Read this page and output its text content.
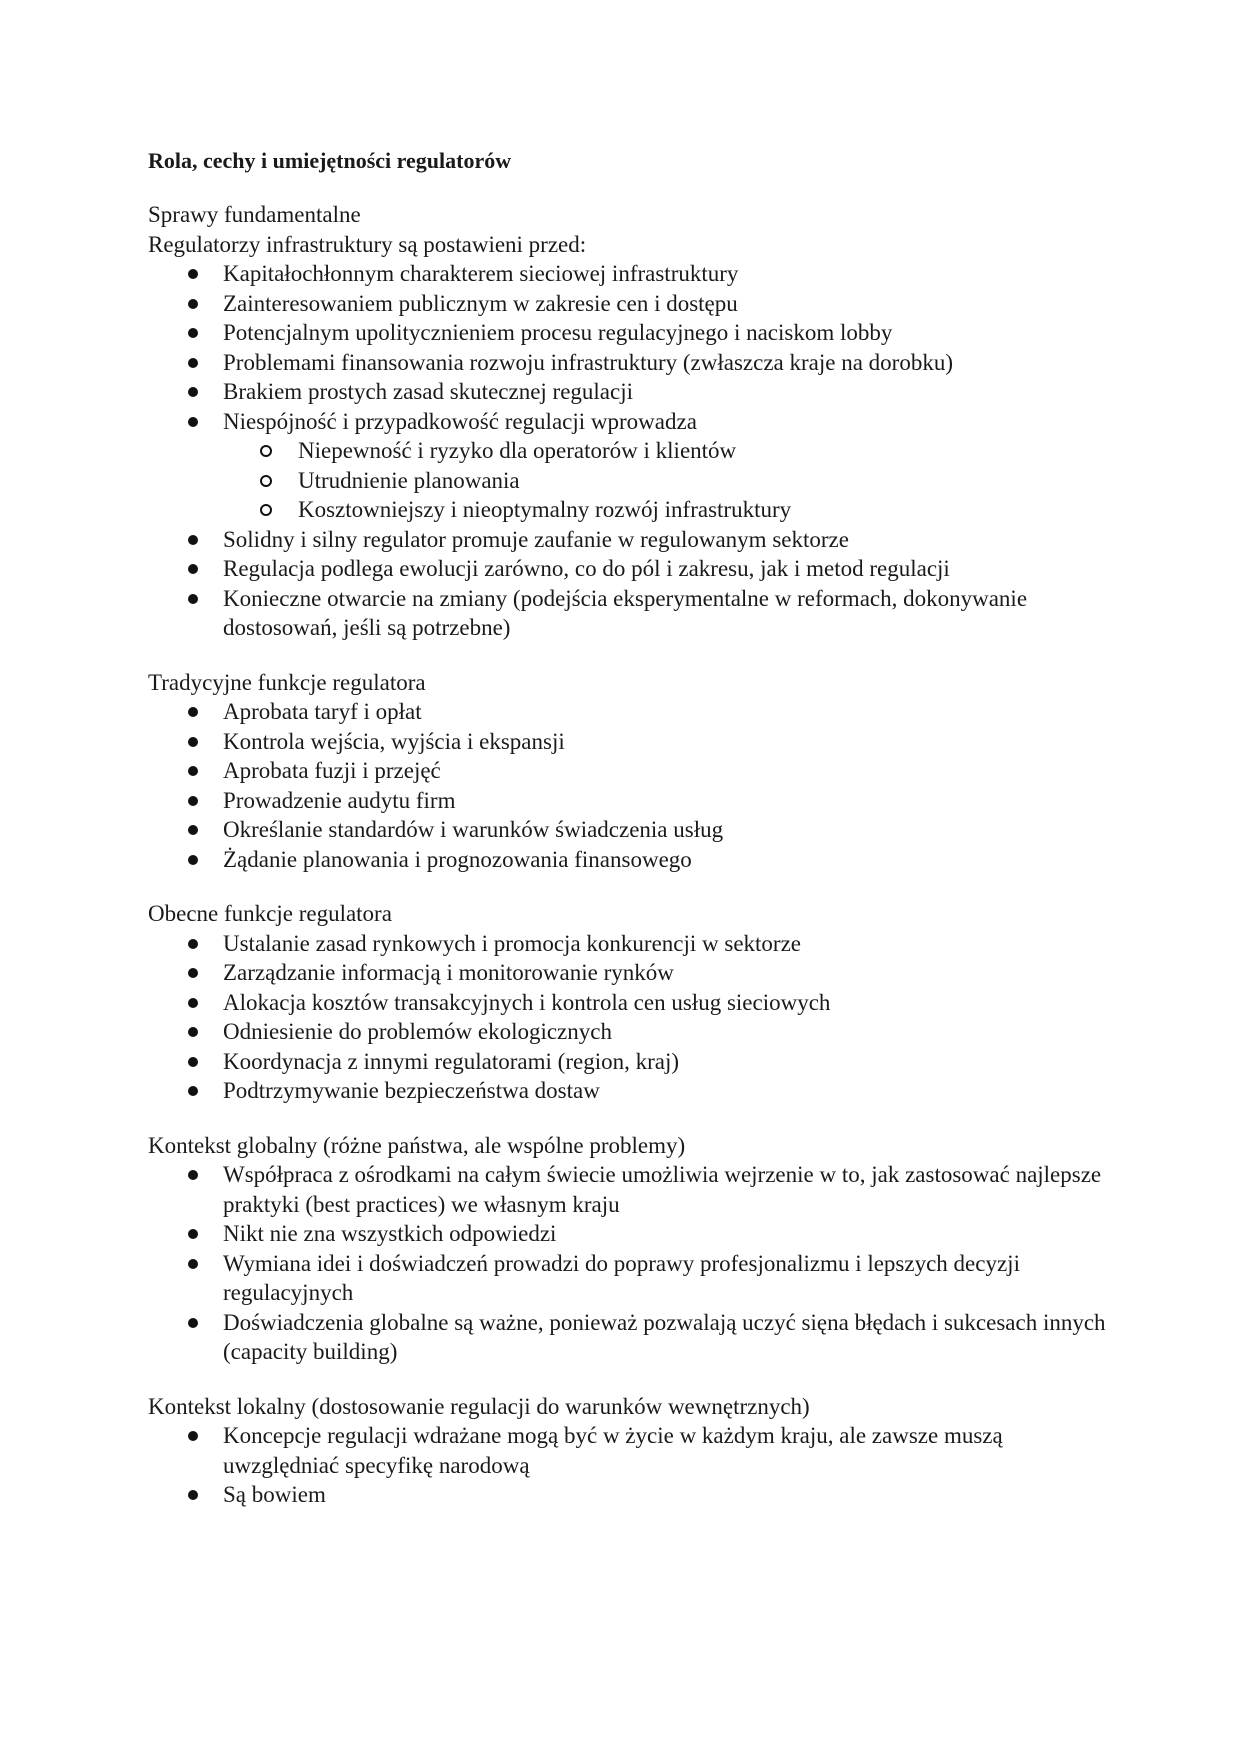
Rola, cechy i umiejętności regulatorów

Sprawy fundamentalne

Regulatorzy infrastruktury są postawieni przed:

Kapitałochłonnym charakterem sieciowej infrastruktury
Zainteresowaniem publicznym w zakresie cen i dostępu
Potencjalnym upolitycznieniem procesu regulacyjnego i naciskom lobby
Problemami finansowania rozwoju infrastruktury (zwłaszcza kraje na dorobku)
Brakiem prostych zasad skutecznej regulacji
Niespójność i przypadkowość regulacji wprowadza
Niepewność i ryzyko dla operatorów i klientów
Utrudnienie planowania
Kosztowniejszy i nieoptymalny rozwój infrastruktury
Solidny i silny regulator promuje zaufanie w regulowanym sektorze
Regulacja podlega ewolucji zarówno, co do pól i zakresu, jak i metod regulacji
Konieczne otwarcie na zmiany (podejścia eksperymentalne w reformach, dokonywanie dostosowań, jeśli są potrzebne)

Tradycyjne funkcje regulatora

Aprobata taryf i opłat
Kontrola wejścia, wyjścia i ekspansji
Aprobata fuzji i przejęć
Prowadzenie audytu firm
Określanie standardów i warunków świadczenia usług
Żądanie planowania i prognozowania finansowego

Obecne funkcje regulatora

Ustalanie zasad rynkowych i promocja konkurencji w sektorze
Zarządzanie informacją i monitorowanie rynków
Alokacja kosztów transakcyjnych i kontrola cen usług sieciowych
Odniesienie do problemów ekologicznych
Koordynacja z innymi regulatorami (region, kraj)
Podtrzymywanie bezpieczeństwa dostaw

Kontekst globalny (różne państwa, ale wspólne problemy)

Współpraca z ośrodkami na całym świecie umożliwia wejrzenie w to, jak zastosować najlepsze praktyki (best practices) we własnym kraju
Nikt nie zna wszystkich odpowiedzi
Wymiana idei i doświadczeń prowadzi do poprawy profesjonalizmu i lepszych decyzji regulacyjnych
Doświadczenia globalne są ważne, ponieważ pozwalają uczyć sięna błędach i sukcesach innych (capacity building)

Kontekst lokalny (dostosowanie regulacji do warunków wewnętrznych)

Koncepcje regulacji wdrażane mogą być w życie w każdym kraju, ale zawsze muszą uwzględniać specyfikę narodową
Są bowiem
